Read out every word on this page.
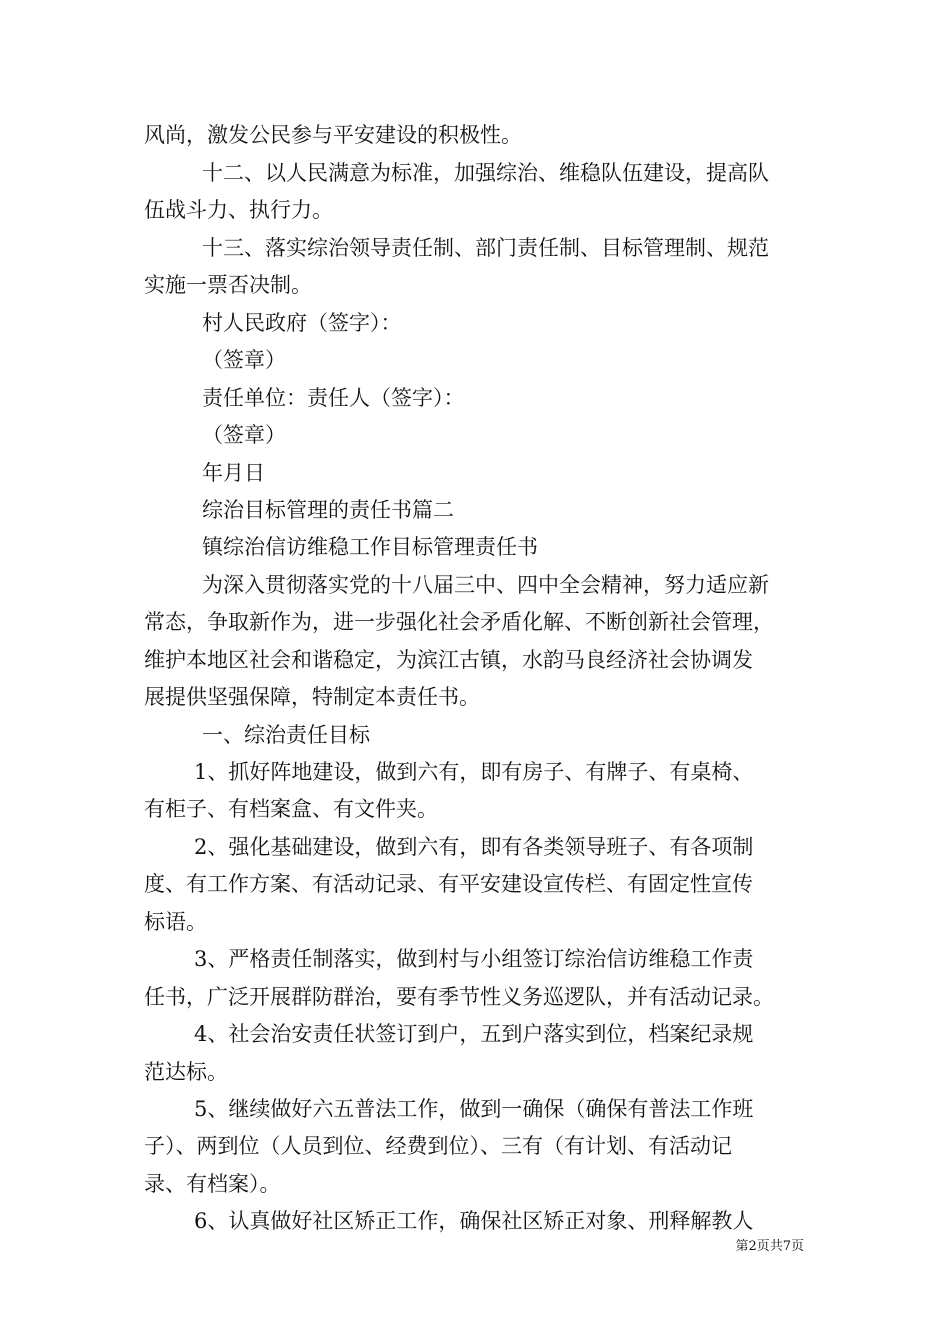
风尚，激发公民参与平安建设的积极性。
十二、以人民满意为标准，加强综治、维稳队伍建设，提高队
伍战斗力、执行力。
十三、落实综治领导责任制、部门责任制、目标管理制、规范
实施一票否决制。
村人民政府（签字）：
（签章）
责任单位：责任人（签字）：
（签章）
年月日
综治目标管理的责任书篇二
镇综治信访维稳工作目标管理责任书
为深入贯彻落实党的十八届三中、四中全会精神，努力适应新
常态，争取新作为，进一步强化社会矛盾化解、不断创新社会管理，
维护本地区社会和谐稳定，为滨江古镇，水韵马良经济社会协调发
展提供坚强保障，特制定本责任书。
一、综治责任目标
1、抓好阵地建设，做到六有，即有房子、有牌子、有桌椅、
有柜子、有档案盒、有文件夹。
2、强化基础建设，做到六有，即有各类领导班子、有各项制
度、有工作方案、有活动记录、有平安建设宣传栏、有固定性宣传
标语。
3、严格责任制落实，做到村与小组签订综治信访维稳工作责
任书，广泛开展群防群治，要有季节性义务巡逻队，并有活动记录。
4、社会治安责任状签订到户，五到户落实到位，档案纪录规
范达标。
5、继续做好六五普法工作，做到一确保（确保有普法工作班
子）、两到位（人员到位、经费到位）、三有（有计划、有活动记
录、有档案）。
6、认真做好社区矫正工作，确保社区矫正对象、刑释解教人
第2页共7页
